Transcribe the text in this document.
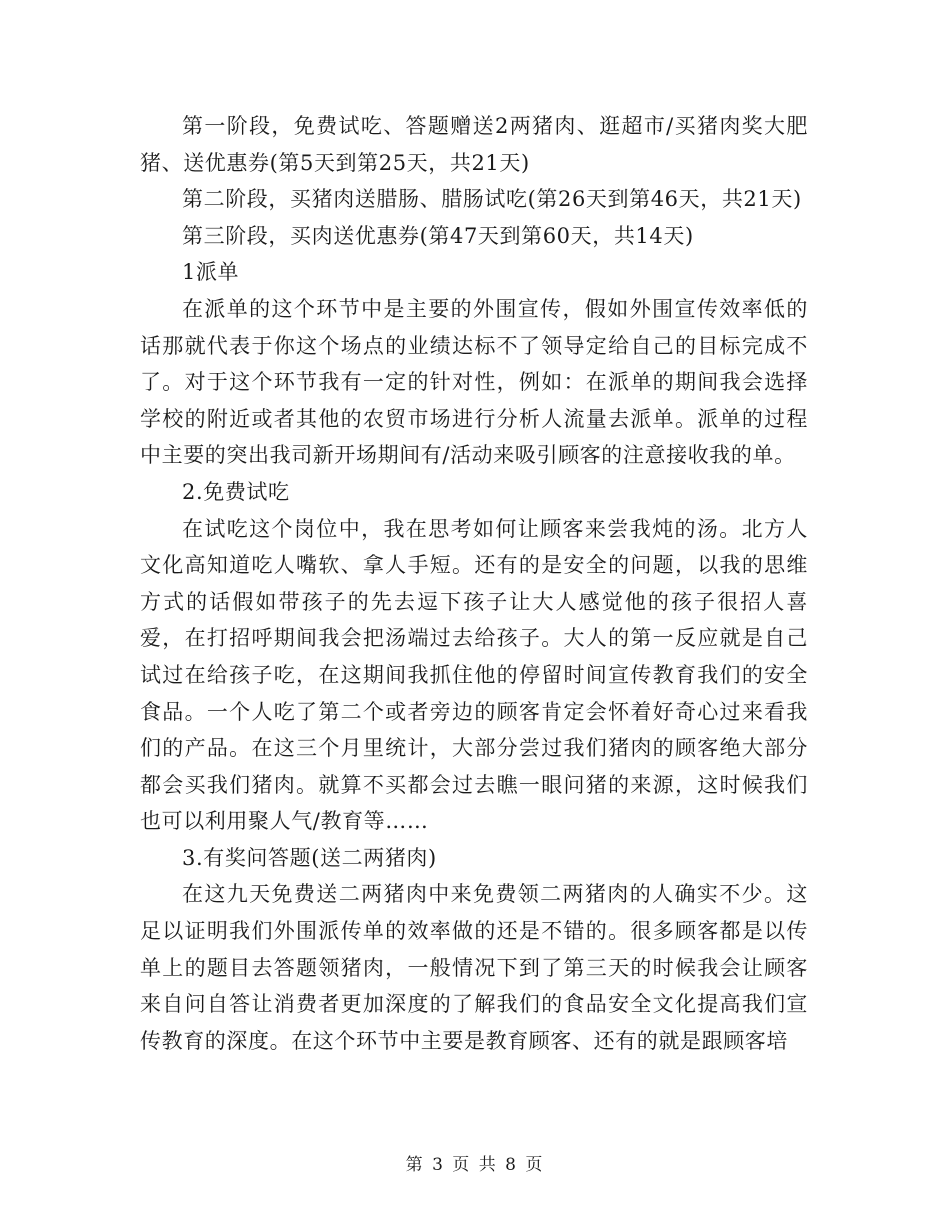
第一阶段，免费试吃、答题赠送2两猪肉、逛超市/买猪肉奖大肥猪、送优惠券(第5天到第25天，共21天)

第二阶段，买猪肉送腊肠、腊肠试吃(第26天到第46天，共21天)

第三阶段，买肉送优惠券(第47天到第60天，共14天)

1派单

在派单的这个环节中是主要的外围宣传，假如外围宣传效率低的话那就代表于你这个场点的业绩达标不了领导定给自己的目标完成不了。对于这个环节我有一定的针对性，例如：在派单的期间我会选择学校的附近或者其他的农贸市场进行分析人流量去派单。派单的过程中主要的突出我司新开场期间有/活动来吸引顾客的注意接收我的单。

2.免费试吃

在试吃这个岗位中，我在思考如何让顾客来尝我炖的汤。北方人文化高知道吃人嘴软、拿人手短。还有的是安全的问题，以我的思维方式的话假如带孩子的先去逗下孩子让大人感觉他的孩子很招人喜爱，在打招呼期间我会把汤端过去给孩子。大人的第一反应就是自己试过在给孩子吃，在这期间我抓住他的停留时间宣传教育我们的安全食品。一个人吃了第二个或者旁边的顾客肯定会怀着好奇心过来看我们的产品。在这三个月里统计，大部分尝过我们猪肉的顾客绝大部分都会买我们猪肉。就算不买都会过去瞧一眼问猪的来源，这时候我们也可以利用聚人气/教育等……

3.有奖问答题(送二两猪肉)

在这九天免费送二两猪肉中来免费领二两猪肉的人确实不少。这足以证明我们外围派传单的效率做的还是不错的。很多顾客都是以传单上的题目去答题领猪肉，一般情况下到了第三天的时候我会让顾客来自问自答让消费者更加深度的了解我们的食品安全文化提高我们宣传教育的深度。在这个环节中主要是教育顾客、还有的就是跟顾客培

第 3 页 共 8 页
